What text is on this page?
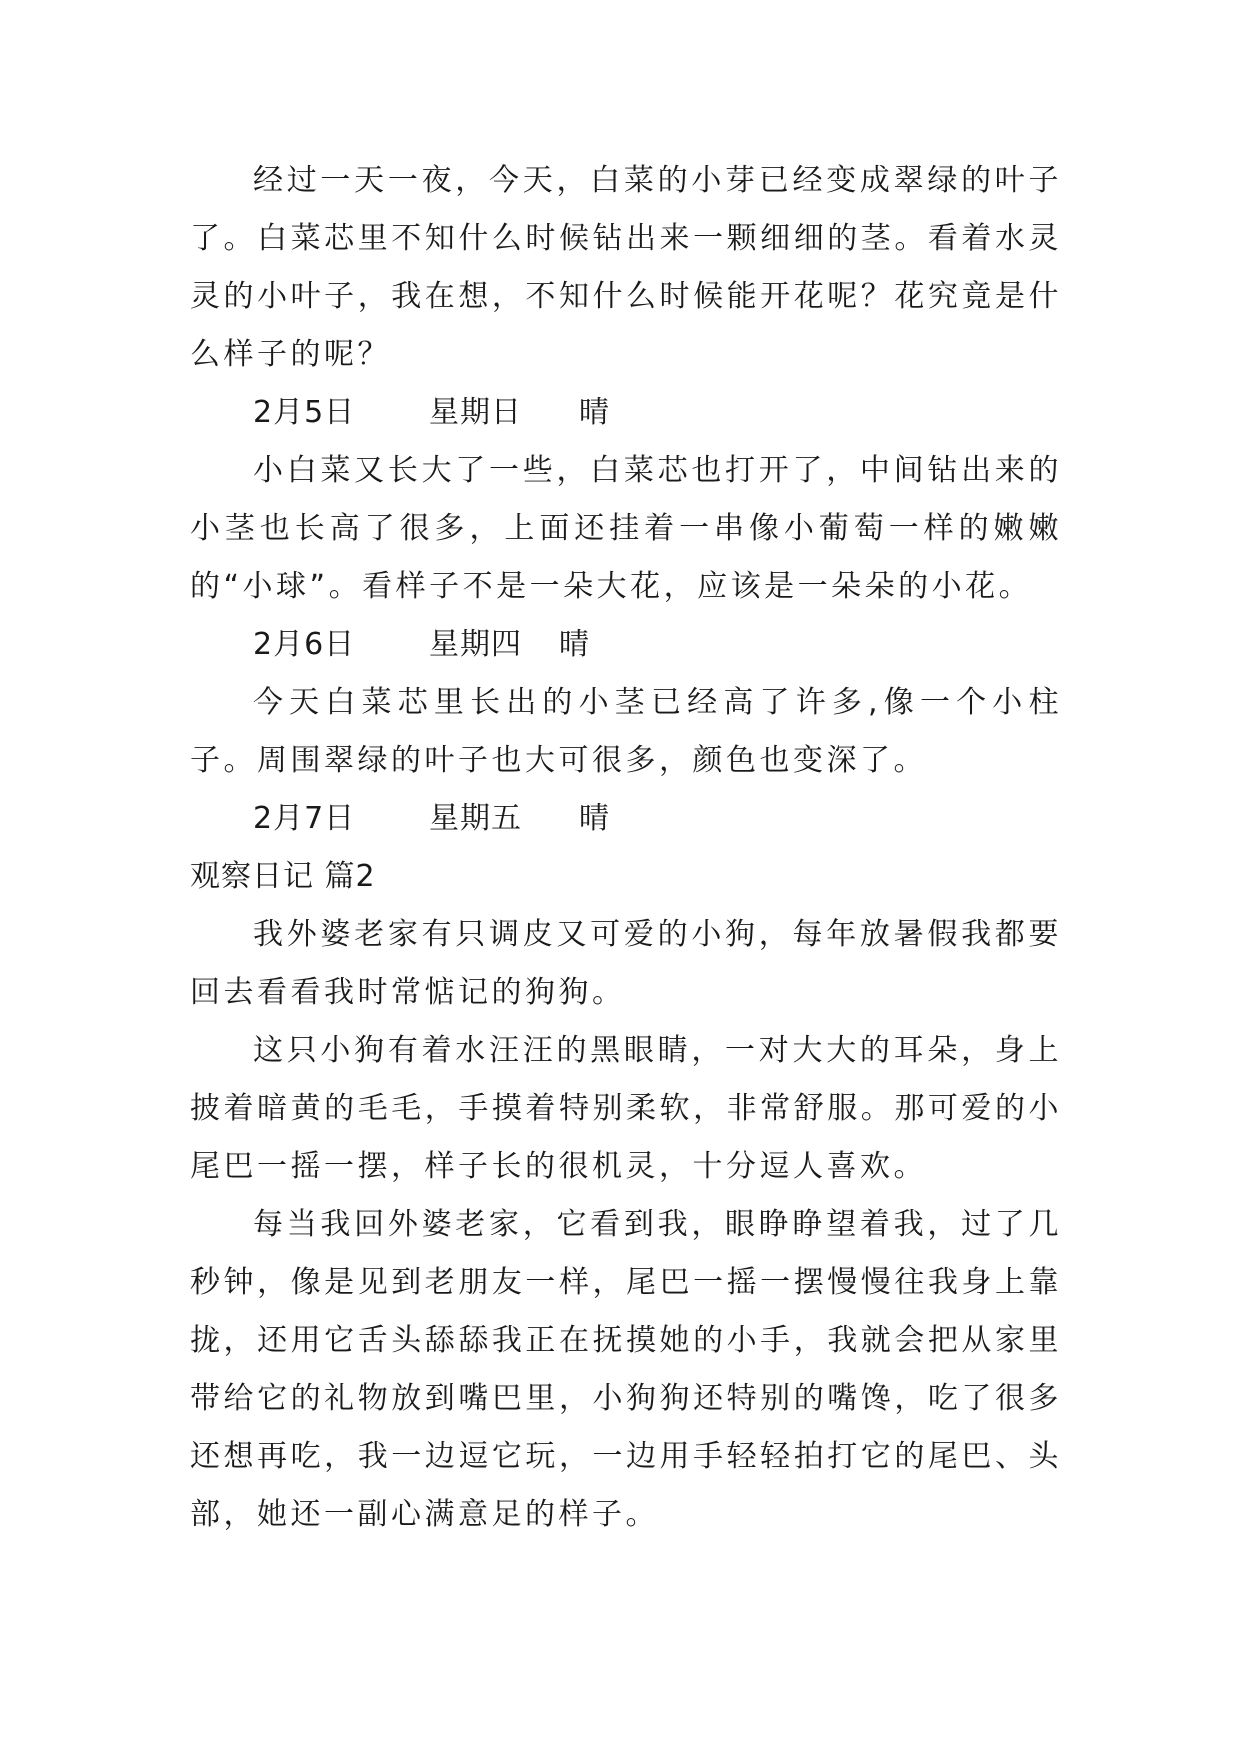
经过一天一夜，今天，白菜的小芽已经变成翠绿的叶子了。白菜芯里不知什么时候钻出来一颗细细的茎。看着水灵灵的小叶子，我在想，不知什么时候能开花呢？花究竟是什么样子的呢？

2月5日 星期日 晴

小白菜又长大了一些，白菜芯也打开了，中间钻出来的小茎也长高了很多，上面还挂着一串像小葡萄一样的嫩嫩的“小球”。看样子不是一朵大花，应该是一朵朵的小花。

2月6日 星期四 晴

今天白菜芯里长出的小茎已经高了许多,像一个小柱子。周围翠绿的叶子也大可很多，颜色也变深了。

2月7日 星期五 晴

观察日记 篇2

我外婆老家有只调皮又可爱的小狗，每年放暑假我都要回去看看我时常惦记的狗狗。

这只小狗有着水汪汪的黑眼睛，一对大大的耳朵，身上披着暗黄的毛毛，手摸着特别柔软，非常舒服。那可爱的小尾巴一摇一摆，样子长的很机灵，十分逗人喜欢。

每当我回外婆老家，它看到我，眼睁睁望着我，过了几秒钟，像是见到老朋友一样，尾巴一摇一摆慢慢往我身上靠拢，还用它舌头舔舔我正在抚摸她的小手，我就会把从家里带给它的礼物放到嘴巴里，小狗狗还特别的嘴馋，吃了很多还想再吃，我一边逗它玩，一边用手轻轻拍打它的尾巴、头部，她还一副心满意足的样子。
